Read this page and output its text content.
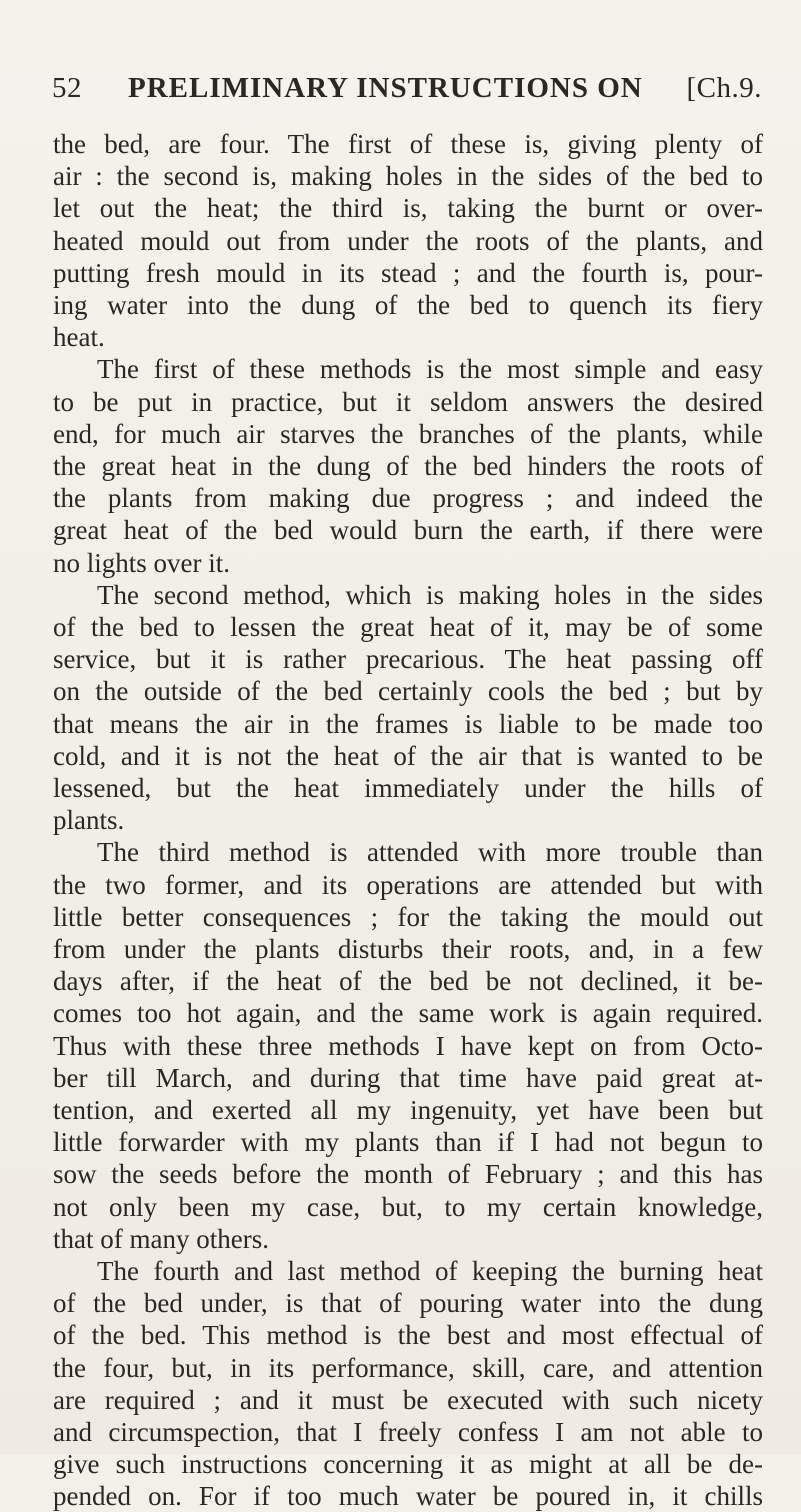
52 PRELIMINARY INSTRUCTIONS ON [Ch.9.
the bed, are four. The first of these is, giving plenty of
air : the second is, making holes in the sides of the bed to
let out the heat; the third is, taking the burnt or over-
heated mould out from under the roots of the plants, and
putting fresh mould in its stead ; and the fourth is, pour-
ing water into the dung of the bed to quench its fiery
heat.
The first of these methods is the most simple and easy
to be put in practice, but it seldom answers the desired
end, for much air starves the branches of the plants, while
the great heat in the dung of the bed hinders the roots of
the plants from making due progress ; and indeed the
great heat of the bed would burn the earth, if there were
no lights over it.
The second method, which is making holes in the sides
of the bed to lessen the great heat of it, may be of some
service, but it is rather precarious. The heat passing off
on the outside of the bed certainly cools the bed ; but by
that means the air in the frames is liable to be made too
cold, and it is not the heat of the air that is wanted to be
lessened, but the heat immediately under the hills of
plants.
The third method is attended with more trouble than
the two former, and its operations are attended but with
little better consequences ; for the taking the mould out
from under the plants disturbs their roots, and, in a few
days after, if the heat of the bed be not declined, it be-
comes too hot again, and the same work is again required.
Thus with these three methods I have kept on from Octo-
ber till March, and during that time have paid great at-
tention, and exerted all my ingenuity, yet have been but
little forwarder with my plants than if I had not begun to
sow the seeds before the month of February ; and this has
not only been my case, but, to my certain knowledge,
that of many others.
The fourth and last method of keeping the burning heat
of the bed under, is that of pouring water into the dung
of the bed. This method is the best and most effectual of
the four, but, in its performance, skill, care, and attention
are required ; and it must be executed with such nicety
and circumspection, that I freely confess I am not able to
give such instructions concerning it as might at all be de-
pended on. For if too much water be poured in, it chills
